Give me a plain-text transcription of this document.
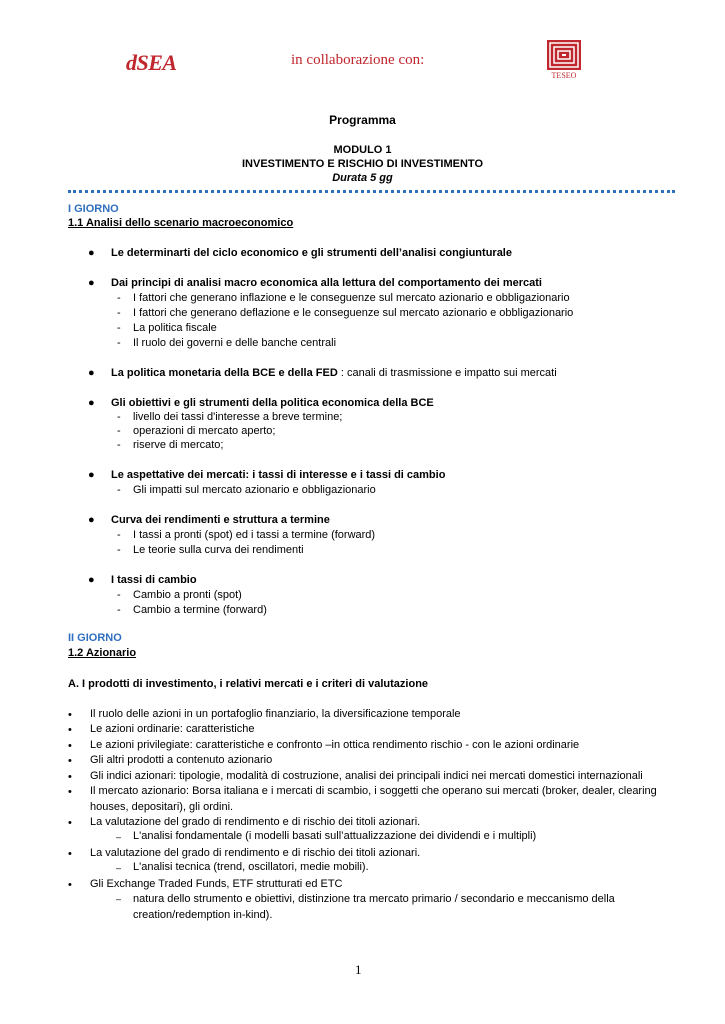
dSEA	in collaborazione con:
TESEO
Programma
MODULO 1
INVESTIMENTO E RISCHIO DI INVESTIMENTO
Durata 5 gg
I GIORNO
1.1 Analisi dello scenario macroeconomico
●	Le determinarti del ciclo economico e gli strumenti dell’analisi congiunturale
●	Dai principi di analisi macro economica alla lettura del comportamento dei mercati
- I fattori che generano inflazione e le conseguenze sul mercato azionario e obbligazionario
- I fattori che generano deflazione e le conseguenze sul mercato azionario e obbligazionario
- La politica fiscale
- Il ruolo dei governi e delle banche centrali
●	La politica monetaria della BCE e della FED : canali di trasmissione e impatto sui mercati
●	Gli obiettivi e gli strumenti della politica economica della BCE
- livello dei tassi d'interesse a breve termine;
- operazioni di mercato aperto;
- riserve di mercato;
●	Le aspettative dei mercati: i tassi di interesse e i tassi di cambio
- Gli impatti sul mercato azionario e obbligazionario
●	Curva dei rendimenti e struttura a termine
- I tassi a pronti (spot) ed i tassi a termine (forward)
- Le teorie sulla curva dei rendimenti
●	I tassi di cambio
- Cambio a pronti (spot)
- Cambio a termine (forward)
II GIORNO
1.2 Azionario
A. I prodotti di investimento, i relativi mercati e i criteri di valutazione
• Il ruolo delle azioni in un portafoglio finanziario, la diversificazione temporale
• Le azioni ordinarie: caratteristiche
• Le azioni privilegiate: caratteristiche e confronto –in ottica rendimento rischio - con le azioni ordinarie
• Gli altri prodotti a contenuto azionario
• Gli indici azionari: tipologie, modalità di costruzione, analisi dei principali indici nei mercati domestici internazionali
• Il mercato azionario: Borsa italiana e i mercati di scambio, i soggetti che operano sui mercati (broker, dealer, clearing houses, depositari), gli ordini.
• La valutazione del grado di rendimento e di rischio dei titoli azionari.
– L'analisi fondamentale (i modelli basati sull’attualizzazione dei dividendi e i multipli)
• La valutazione del grado di rendimento e di rischio dei titoli azionari.
– L'analisi tecnica (trend, oscillatori, medie mobili).
• Gli Exchange Traded Funds, ETF strutturati ed ETC
– natura dello strumento e obiettivi, distinzione tra mercato primario / secondario e meccanismo della creation/redemption in-kind).
1
